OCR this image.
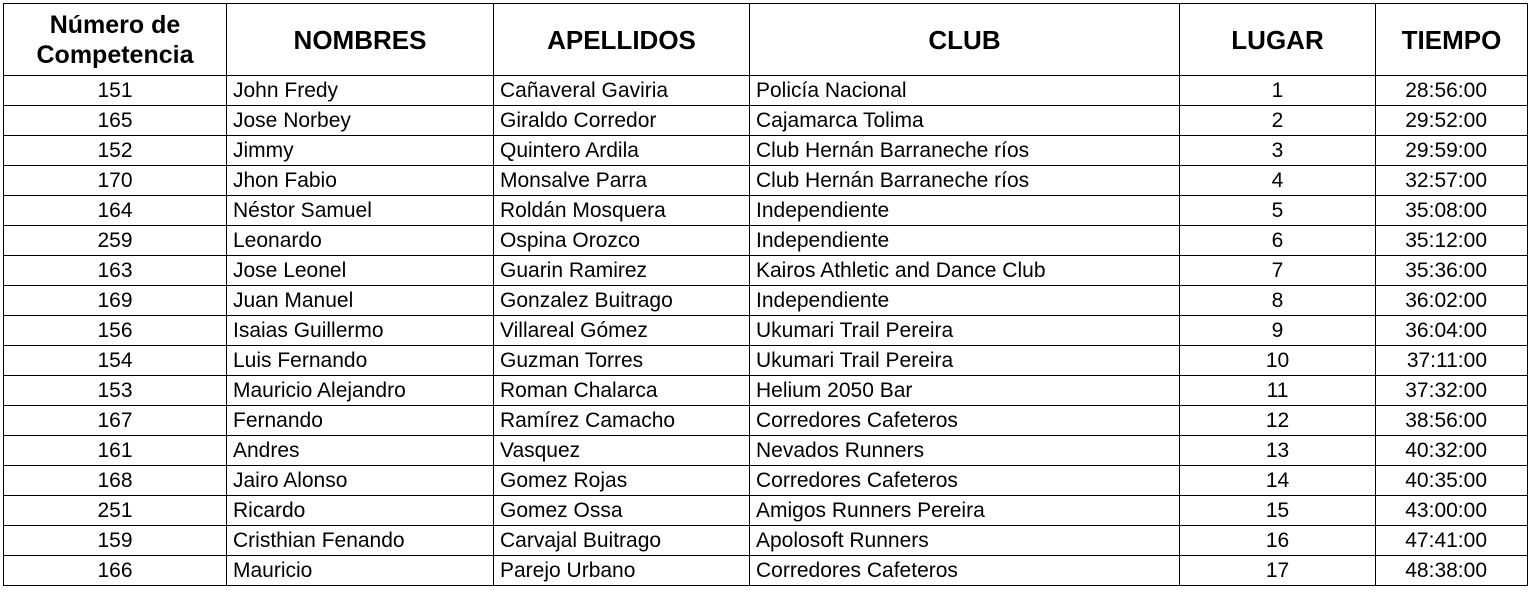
Número de Competencia	NOMBRES	APELLIDOS	CLUB	LUGAR	TIEMPO
151	John Fredy	Cañaveral Gaviria	Policía Nacional	1	28:56:00
165	Jose Norbey	Giraldo Corredor	Cajamarca Tolima	2	29:52:00
152	Jimmy	Quintero Ardila	Club Hernán Barraneche ríos	3	29:59:00
170	Jhon Fabio	Monsalve Parra	Club Hernán Barraneche ríos	4	32:57:00
164	Néstor Samuel	Roldán Mosquera	Independiente	5	35:08:00
259	Leonardo	Ospina Orozco	Independiente	6	35:12:00
163	Jose Leonel	Guarin Ramirez	Kairos Athletic and Dance Club	7	35:36:00
169	Juan Manuel	Gonzalez Buitrago	Independiente	8	36:02:00
156	Isaias Guillermo	Villareal Gómez	Ukumari Trail Pereira	9	36:04:00
154	Luis Fernando	Guzman Torres	Ukumari Trail Pereira	10	37:11:00
153	Mauricio Alejandro	Roman Chalarca	Helium 2050 Bar	11	37:32:00
167	Fernando	Ramírez Camacho	Corredores Cafeteros	12	38:56:00
161	Andres	Vasquez	Nevados Runners	13	40:32:00
168	Jairo Alonso	Gomez Rojas	Corredores Cafeteros	14	40:35:00
251	Ricardo	Gomez Ossa	Amigos Runners Pereira	15	43:00:00
159	Cristhian Fenando	Carvajal Buitrago	Apolosoft Runners	16	47:41:00
166	Mauricio	Parejo Urbano	Corredores Cafeteros	17	48:38:00
